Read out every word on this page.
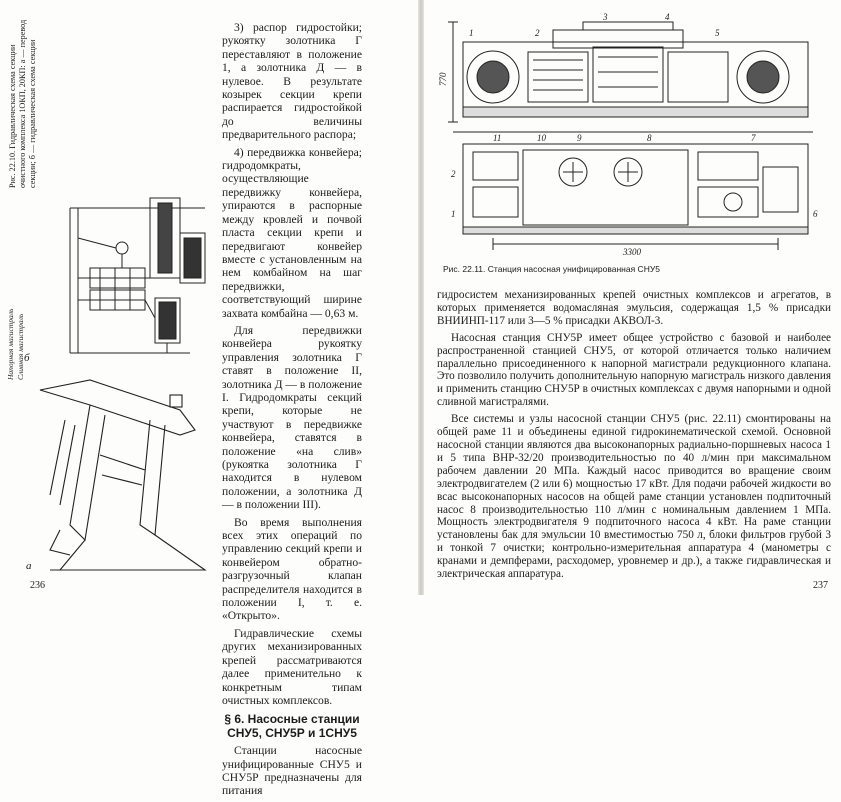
Рис. 22.10. Гидравлическая схема секции очистного комплекса 1ОКП, 20КП: а — перевод секции; б — гидравлическая схема секции
б
Напорная магистраль Сливная магистраль
a

3) распор гидростойки; рукоятку золотника Г переставляют в положение 1, а золотника Д — в нулевое. В результате козырек секции крепи распирается гидростойкой до величины предварительного распора;

4) передвижка конвейера; гидродомкраты, осуществляющие передвижку конвейера, упираются в распорные между кровлей и почвой пласта секции крепи и передвигают конвейер вместе с установленным на нем комбайном на шаг передвижки, соответствующий ширине захвата комбайна — 0,63 м.

Для передвижки конвейера рукоятку управления золотника Г ставят в положение II, золотника Д — в положение I. Гидродомкраты секций крепи, которые не участвуют в передвижке конвейера, ставятся в положение «на слив» (рукоятка золотника Г находится в нулевом положении, а золотника Д — в положении III).

Во время выполнения всех этих операций по управлению секций крепи и конвейером обратно-разгрузочный клапан распределителя находится в положении I, т. е. «Открыто».

Гидравлические схемы других механизированных крепей рассматриваются далее применительно к конкретным типам очистных комплексов.

§ 6. Насосные станции СНУ5, СНУ5Р и 1СНУ5

Станции насосные унифицированные СНУ5 и СНУ5Р предназначены для питания

236
1	2
3	4
5
11	10	9	8	7
2
1	6
770
3300
Рис. 22.11. Станция насосная унифицированная СНУ5

гидросистем механизированных крепей очистных комплексов и агрегатов, в которых применяется водомасляная эмульсия, содержащая 1,5 % присадки ВНИИНП-117 или 3—5 % присадки АКВОЛ-3.

Насосная станция СНУ5Р имеет общее устройство с базовой и наиболее распространенной станцией СНУ5, от которой отличается только наличием параллельно присоединенного к напорной магистрали редукционного клапана. Это позволило получить дополнительную напорную магистраль низкого давления и применить станцию СНУ5Р в очистных комплексах с двумя напорными и одной сливной магистралями.

Все системы и узлы насосной станции СНУ5 (рис. 22.11) смонтированы на общей раме 11 и объединены единой гидрокинематической схемой. Основной насосной станции являются два высоконапорных радиально-поршневых насоса 1 и 5 типа ВНР-32/20 производительностью по 40 л/мин при максимальном рабочем давлении 20 МПа. Каждый насос приводится во вращение своим электродвигателем (2 или 6) мощностью 17 кВт. Для подачи рабочей жидкости во всас высоконапорных насосов на общей раме станции установлен подпиточный насос 8 производительностью 110 л/мин с номинальным давлением 1 МПа. Мощность электродвигателя 9 подпиточного насоса 4 кВт. На раме станции установлены бак для эмульсии 10 вместимостью 750 л, блоки фильтров грубой 3 и тонкой 7 очистки; контрольно-измерительная аппаратура 4 (манометры с кранами и демпферами, расходомер, уровнемер и др.), а также гидравлическая и электрическая аппаратура.

237
